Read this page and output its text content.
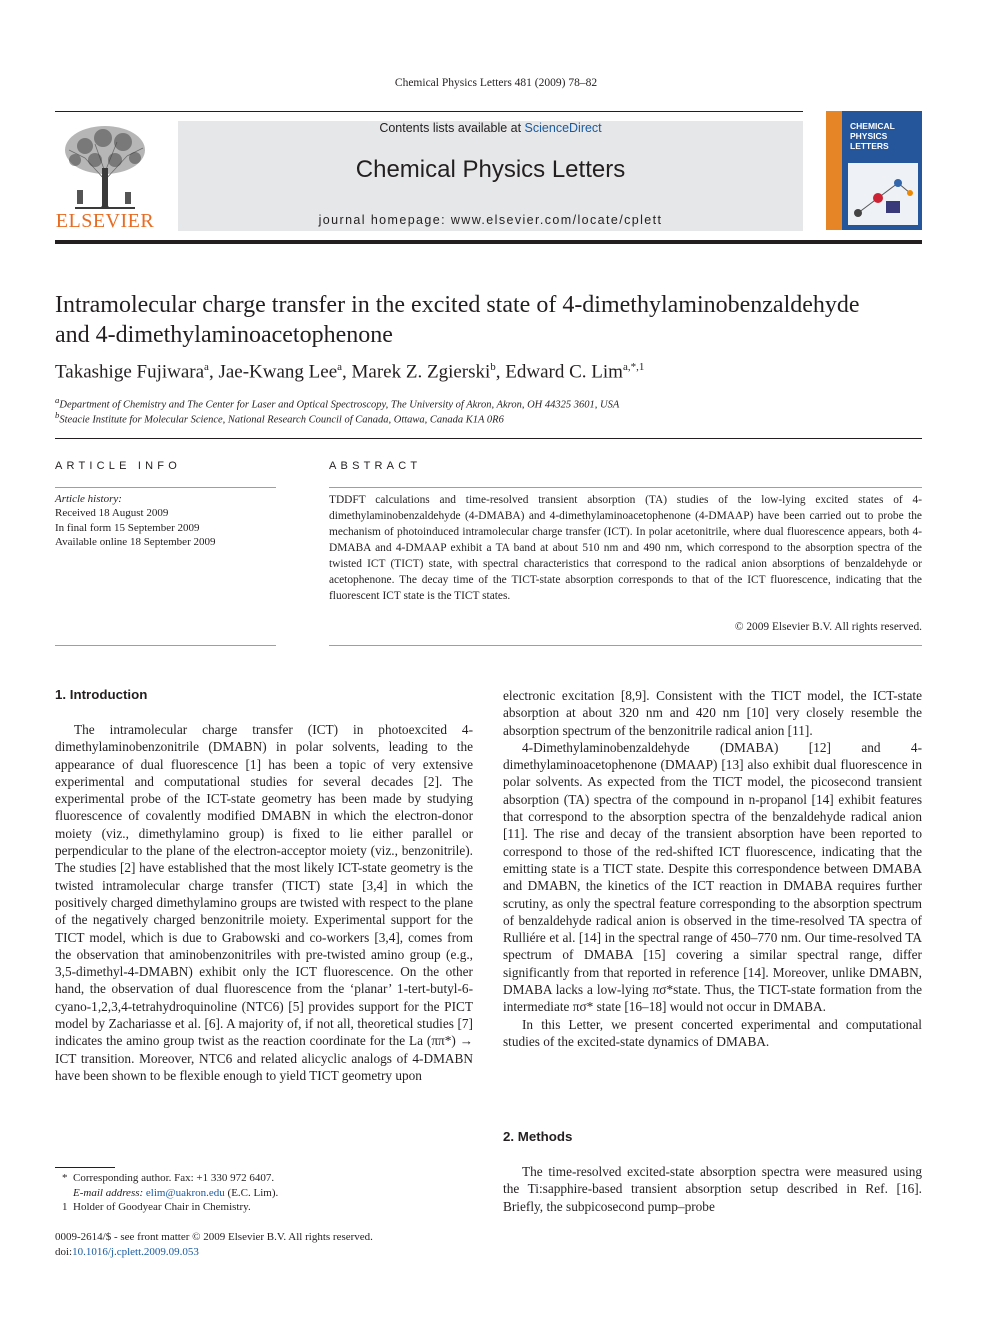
Chemical Physics Letters 481 (2009) 78–82
ELSEVIER
Contents lists available at ScienceDirect
Chemical Physics Letters
journal homepage: www.elsevier.com/locate/cplett
CHEMICAL
PHYSICS
LETTERS
Intramolecular charge transfer in the excited state of 4-dimethylaminobenzaldehyde
and 4-dimethylaminoacetophenone
Takashige Fujiwara$^a$, Jae-Kwang Lee$^a$, Marek Z. Zgierski$^b$, Edward C. Lim$^{a,*,1}$
$^a$Department of Chemistry and The Center for Laser and Optical Spectroscopy, The University of Akron, Akron, OH 44325 3601, USA
$^b$Steacie Institute for Molecular Science, National Research Council of Canada, Ottawa, Canada K1A 0R6
ARTICLE INFO	ABSTRACT
Article history:
Received 18 August 2009
In final form 15 September 2009
Available online 18 September 2009
TDDFT calculations and time-resolved transient absorption (TA) studies of the low-lying excited states of 4-dimethylaminobenzaldehyde (4-DMABA) and 4-dimethylaminoacetophenone (4-DMAAP) have been carried out to probe the mechanism of photoinduced intramolecular charge transfer (ICT). In polar acetonitrile, where dual fluorescence appears, both 4-DMABA and 4-DMAAP exhibit a TA band at about 510 nm and 490 nm, which correspond to the absorption spectra of the twisted ICT (TICT) state, with spectral characteristics that correspond to the radical anion absorptions of benzaldehyde or acetophenone. The decay time of the TICT-state absorption corresponds to that of the ICT fluorescence, indicating that the fluorescent ICT state is the TICT states.
© 2009 Elsevier B.V. All rights reserved.
1. Introduction

The intramolecular charge transfer (ICT) in photoexcited 4-dimethylaminobenzonitrile (DMABN) in polar solvents, leading to the appearance of dual fluorescence [1] has been a topic of very extensive experimental and computational studies for several decades [2]. The experimental probe of the ICT-state geometry has been made by studying fluorescence of covalently modified DMABN in which the electron-donor moiety (viz., dimethylamino group) is fixed to lie either parallel or perpendicular to the plane of the electron-acceptor moiety (viz., benzonitrile). The studies [2] have established that the most likely ICT-state geometry is the twisted intramolecular charge transfer (TICT) state [3,4] in which the positively charged dimethylamino groups are twisted with respect to the plane of the negatively charged benzonitrile moiety. Experimental support for the TICT model, which is due to Grabowski and co-workers [3,4], comes from the observation that aminobenzonitriles with pre-twisted amino group (e.g., 3,5-dimethyl-4-DMABN) exhibit only the ICT fluorescence. On the other hand, the observation of dual fluorescence from the ‘planar’ 1-tert-butyl-6-cyano-1,2,3,4-tetrahydroquinoline (NTC6) [5] provides support for the PICT model by Zachariasse et al. [6]. A majority of, if not all, theoretical studies [7] indicates the amino group twist as the reaction coordinate for the La (ππ*) → ICT transition. Moreover, NTC6 and related alicyclic analogs of 4-DMABN have been shown to be flexible enough to yield TICT geometry upon

electronic excitation [8,9]. Consistent with the TICT model, the ICT-state absorption at about 320 nm and 420 nm [10] very closely resemble the absorption spectrum of the benzonitrile radical anion [11].

4-Dimethylaminobenzaldehyde (DMABA) [12] and 4-dimethylaminoacetophenone (DMAAP) [13] also exhibit dual fluorescence in polar solvents. As expected from the TICT model, the picosecond transient absorption (TA) spectra of the compound in n-propanol [14] exhibit features that correspond to the absorption spectra of the benzaldehyde radical anion [11]. The rise and decay of the transient absorption have been reported to correspond to those of the red-shifted ICT fluorescence, indicating that the emitting state is a TICT state. Despite this correspondence between DMABA and DMABN, the kinetics of the ICT reaction in DMABA requires further scrutiny, as only the spectral feature corresponding to the absorption spectrum of benzaldehyde radical anion is observed in the time-resolved TA spectra of Rulliére et al. [14] in the spectral range of 450–770 nm. Our time-resolved TA spectrum of DMABA [15] covering a similar spectral range, differ significantly from that reported in reference [14]. Moreover, unlike DMABN, DMABA lacks a low-lying πσ*state. Thus, the TICT-state formation from the intermediate πσ* state [16–18] would not occur in DMABA.

In this Letter, we present concerted experimental and computational studies of the excited-state dynamics of DMABA.

2. Methods

The time-resolved excited-state absorption spectra were measured using the Ti:sapphire-based transient absorption setup described in Ref. [16]. Briefly, the subpicosecond pump–probe

* Corresponding author. Fax: +1 330 972 6407.
E-mail address: elim@uakron.edu (E.C. Lim).
1 Holder of Goodyear Chair in Chemistry.
0009-2614/$ - see front matter © 2009 Elsevier B.V. All rights reserved.
doi:10.1016/j.cplett.2009.09.053
